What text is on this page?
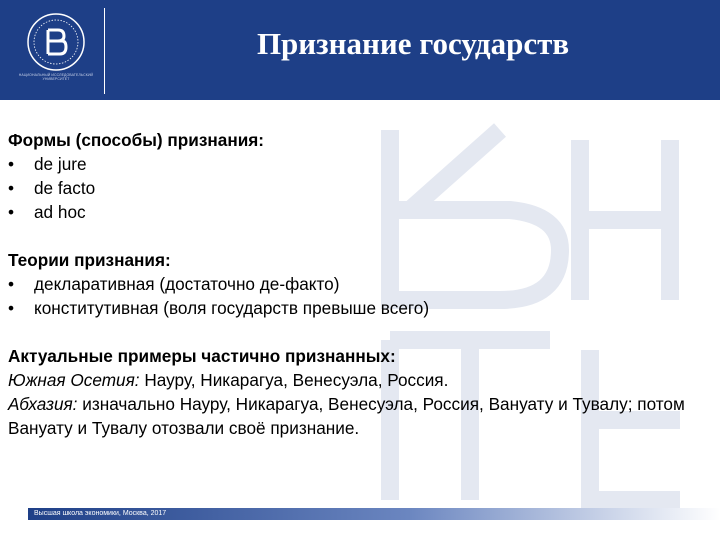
НАЦИОНАЛЬНЫЙ ИССЛЕДОВАТЕЛЬСКИЙ УНИВЕРСИТЕТ
Признание государств
Формы (способы) признания:
•	de jure
•	de facto
•	ad hoc
Теории признания:
•	декларативная (достаточно де-факто)
•	конститутивная (воля государств превыше всего)
Актуальные примеры частично признанных:
Южная Осетия: Науру, Никарагуа, Венесуэла, Россия.
Абхазия: изначально Науру, Никарагуа, Венесуэла, Россия, Вануату и Тувалу; потом Вануату и Тувалу отозвали своё признание.
Высшая школа экономики, Москва, 2017
